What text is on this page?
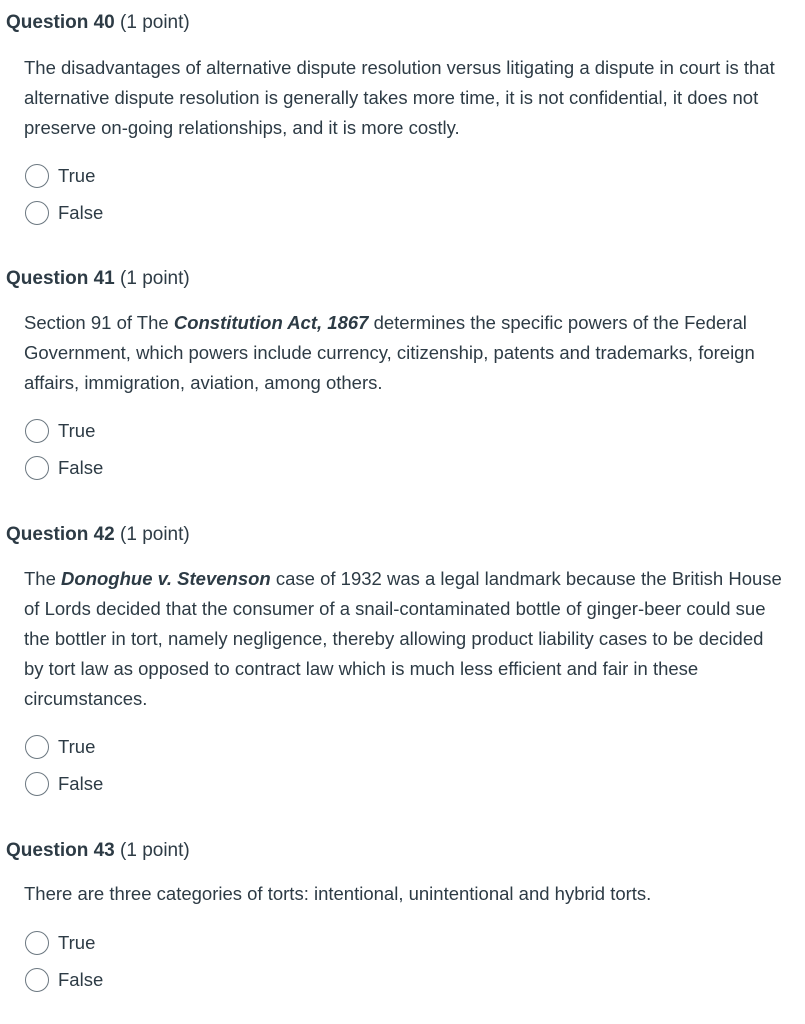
Question 40 (1 point)
The disadvantages of alternative dispute resolution versus litigating a dispute in court is that alternative dispute resolution is generally takes more time, it is not confidential, it does not preserve on-going relationships, and it is more costly.
True
False
Question 41 (1 point)
Section 91 of The Constitution Act, 1867 determines the specific powers of the Federal Government, which powers include currency, citizenship, patents and trademarks, foreign affairs, immigration, aviation, among others.
True
False
Question 42 (1 point)
The Donoghue v. Stevenson case of 1932 was a legal landmark because the British House of Lords decided that the consumer of a snail-contaminated bottle of ginger-beer could sue the bottler in tort, namely negligence, thereby allowing product liability cases to be decided by tort law as opposed to contract law which is much less efficient and fair in these circumstances.
True
False
Question 43 (1 point)
There are three categories of torts: intentional, unintentional and hybrid torts.
True
False
